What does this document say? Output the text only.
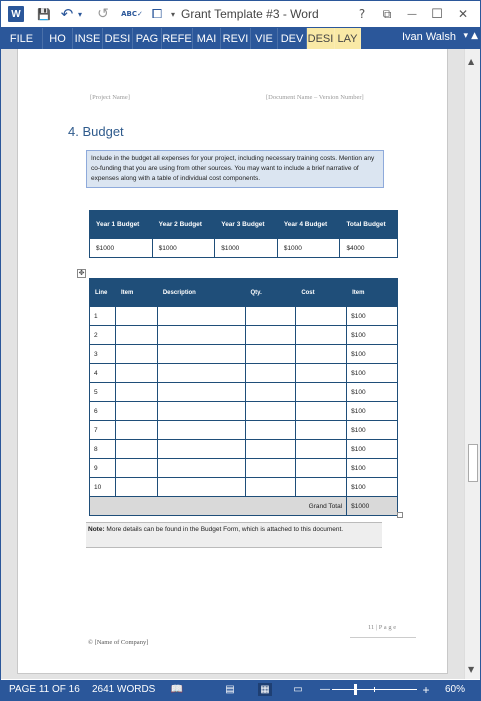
W 💾 ↶ ▾ ↺	ABC✓ ⧠	▾ Grant Template #3 - Word	?	⧉	—	☐	✕
FILE	HO INSE DESI PAG REFE MAI REVI VIE DEV DESI LAY	Ivan Walsh ▾ ▲
[Project Name]	[Document Name – Version Number]
4. Budget
Include in the budget all expenses for your project, including necessary training costs. Mention any co-funding that you are using from other sources. You may want to include a brief narrative of expenses along with a table of individual cost components.
Year 1 Budget	Year 2 Budget	Year 3 Budget	Year 4 Budget	Total Budget
$1000	$1000	$1000	$1000	$4000
✥
Line	Item	Description	Qty.	Cost	Item
1					$100
2					$100
3					$100
4					$100
5					$100
6					$100
7					$100
8					$100
9					$100
10					$100
Grand Total					$1000
Note: More details can be found in the Budget Form, which is attached to this document.
11 | P a g e
© [Name of Company]
▲
▼
PAGE 11 OF 16 2641 WORDS 📖	▤	▦ ▭ —	+	60%
